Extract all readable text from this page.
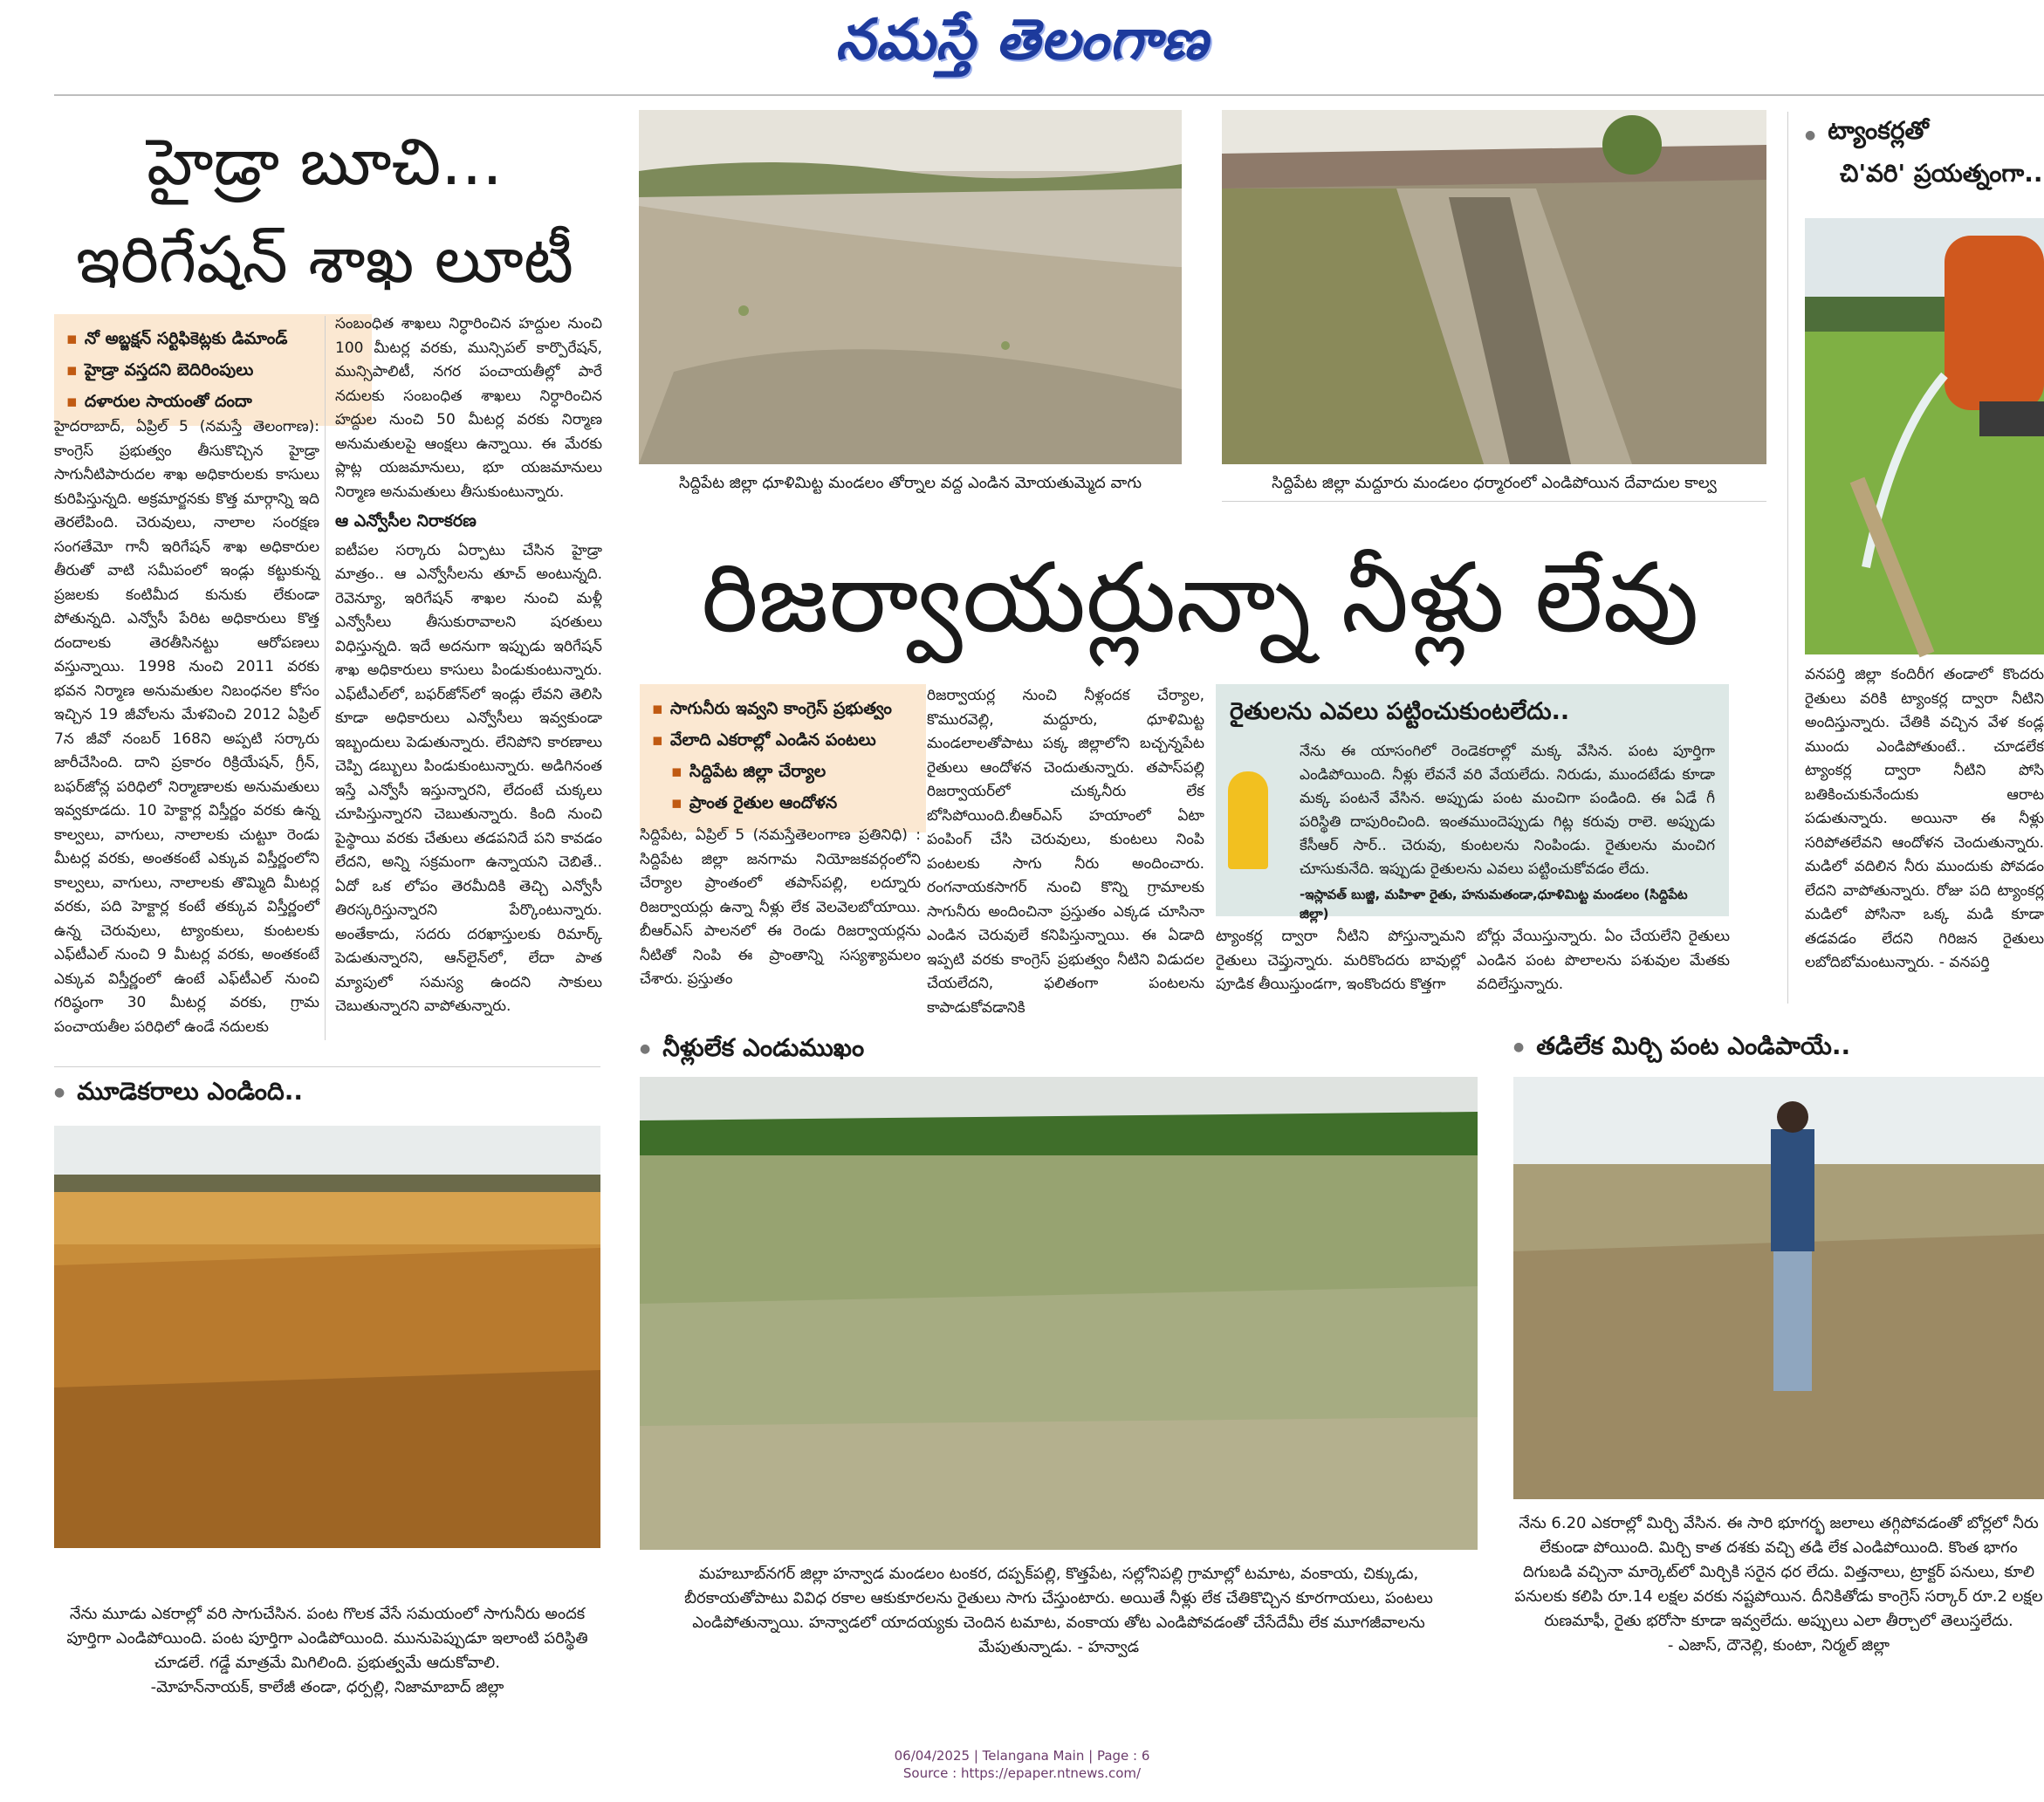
నమస్తే తెలంగాణ
హైడ్రా బూచి...
ఇరిగేషన్ శాఖ లూటీ
▪ నో అబ్జక్షన్ సర్టిఫికెట్లకు డిమాండ్
▪ హైడ్రా వస్తదని బెదిరింపులు
▪ దళారుల సాయంతో దందా
హైదరాబాద్, ఏప్రిల్ 5 (నమస్తే తెలంగాణ): కాంగ్రెస్ ప్రభుత్వం తీసుకొచ్చిన హైడ్రా సాగునీటిపారుదల శాఖ అధికారులకు కాసులు కురిపిస్తున్నది. అక్రమార్జనకు కొత్త మార్గాన్ని ఇది తెరలేపింది. చెరువులు, నాలాల సంరక్షణ సంగతేమో గానీ ఇరిగేషన్ శాఖ అధికారుల తీరుతో వాటి సమీపంలో ఇండ్లు కట్టుకున్న ప్రజలకు కంటిమీద కునుకు లేకుండా పోతున్నది. ఎన్వోసీ పేరిట అధికారులు కొత్త దందాలకు తెరతీసినట్టు ఆరోపణలు వస్తున్నాయి. 1998 నుంచి 2011 వరకు భవన నిర్మాణ అనుమతుల నిబంధనల కోసం ఇచ్చిన 19 జీవోలను మేళవించి 2012 ఏప్రిల్ 7న జీవో నంబర్ 168ని అప్పటి సర్కారు జారీచేసింది. దాని ప్రకారం రిక్రియేషన్, గ్రీన్, బఫర్‌జోన్ల పరిధిలో నిర్మాణాలకు అనుమతులు ఇవ్వకూడదు. 10 హెక్టార్ల విస్తీర్ణం వరకు ఉన్న కాల్వలు, వాగులు, నాలాలకు చుట్టూ రెండు మీటర్ల వరకు, అంతకంటే ఎక్కువ విస్తీర్ణంలోని కాల్వలు, వాగులు, నాలాలకు తొమ్మిది మీటర్ల వరకు, పది హెక్టార్ల కంటే తక్కువ విస్తీర్ణంలో ఉన్న చెరువులు, ట్యాంకులు, కుంటలకు ఎఫ్‌టీఎల్ నుంచి 9 మీటర్ల వరకు, అంతకంటే ఎక్కువ విస్తీర్ణంలో ఉంటే ఎఫ్‌టీఎల్ నుంచి గరిష్ఠంగా 30 మీటర్ల వరకు, గ్రామ పంచాయతీల పరిధిలో ఉండే నదులకు
సంబంధిత శాఖలు నిర్ధారించిన హద్దుల నుంచి 100 మీటర్ల వరకు, మున్సిపల్ కార్పొరేషన్, మున్సిపాలిటీ, నగర పంచాయతీల్లో పారే నదులకు సంబంధిత శాఖలు నిర్ధారించిన హద్దుల నుంచి 50 మీటర్ల వరకు నిర్మాణ అనుమతులపై ఆంక్షలు ఉన్నాయి. ఈ మేరకు ప్లాట్ల యజమానులు, భూ యజమానులు నిర్మాణ అనుమతులు తీసుకుంటున్నారు.
ఆ ఎన్వోసీల నిరాకరణ
ఐటీపల సర్కారు ఏర్పాటు చేసిన హైడ్రా మాత్రం.. ఆ ఎన్వోసీలను తూచ్ అంటున్నది. రెవెన్యూ, ఇరిగేషన్ శాఖల నుంచి మళ్లీ ఎన్వోసీలు తీసుకురావాలని షరతులు విధిస్తున్నది. ఇదే అదనుగా ఇప్పుడు ఇరిగేషన్ శాఖ అధికారులు కాసులు పిండుకుంటున్నారు. ఎఫ్‌టీఎల్‌లో, బఫర్‌జోన్‌లో ఇండ్లు లేవని తెలిసి కూడా అధికారులు ఎన్వోసీలు ఇవ్వకుండా ఇబ్బందులు పెడుతున్నారు. లేనిపోని కారణాలు చెప్పి డబ్బులు పిండుకుంటున్నారు. అడిగినంత ఇస్తే ఎన్వోసీ ఇస్తున్నారని, లేదంటే చుక్కలు చూపిస్తున్నారని చెబుతున్నారు. కింది నుంచి పైస్థాయి వరకు చేతులు తడపనిదే పని కావడం లేదని, అన్ని సక్రమంగా ఉన్నాయని చెబితే.. ఏదో ఒక లోపం తెరమీదికి తెచ్చి ఎన్వోసీ తిరస్కరిస్తున్నారని పేర్కొంటున్నారు. అంతేకాదు, సదరు దరఖాస్తులకు రిమార్క్ పెడుతున్నారని, ఆన్‌లైన్‌లో, లేదా పాత మ్యాపులో సమస్య ఉందని సాకులు చెబుతున్నారని వాపోతున్నారు.
సిద్దిపేట జిల్లా ధూళిమిట్ట మండలం తోర్నాల వద్ద ఎండిన మోయతుమ్మెద వాగు	సిద్దిపేట జిల్లా మద్దూరు మండలం ధర్మారంలో ఎండిపోయిన దేవాదుల కాల్వ
రిజర్వాయర్లున్నా నీళ్లు లేవు
▪ సాగునీరు ఇవ్వని కాంగ్రెస్ ప్రభుత్వం
▪ వేలాది ఎకరాల్లో ఎండిన పంటలు
▪ సిద్దిపేట జిల్లా చేర్యాల
▪ ప్రాంత రైతుల ఆందోళన
సిద్దిపేట, ఏప్రిల్ 5 (నమస్తేతెలంగాణ ప్రతినిధి) : సిద్దిపేట జిల్లా జనగామ నియోజకవర్గంలోని చేర్యాల ప్రాంతంలో తపాస్‌పల్లి, లద్నూరు రిజర్వాయర్లు ఉన్నా నీళ్లు లేక వెలవెలబోయాయి. బీఆర్‌ఎస్ పాలనలో ఈ రెండు రిజర్వాయర్లను నీటితో నింపి ఈ ప్రాంతాన్ని సస్యశ్యామలం చేశారు. ప్రస్తుతం
రిజర్వాయర్ల నుంచి నీళ్లందక చేర్యాల, కొమురవెల్లి, మద్దూరు, ధూళిమిట్ట మండలాలతోపాటు పక్క జిల్లాలోని బచ్చన్నపేట రైతులు ఆందోళన చెందుతున్నారు. తపాస్‌పల్లి రిజర్వాయర్‌లో చుక్కనీరు లేక బోసిపోయింది.బీఆర్‌ఎస్ హయాంలో ఏటా పంపింగ్ చేసి చెరువులు, కుంటలు నింపి పంటలకు సాగు నీరు అందించారు. రంగనాయకసాగర్ నుంచి కొన్ని గ్రామాలకు సాగునీరు అందించినా ప్రస్తుతం ఎక్కడ చూసినా ఎండిన చెరువులే కనిపిస్తున్నాయి. ఈ ఏడాది ఇప్పటి వరకు కాంగ్రెస్ ప్రభుత్వం నీటిని విడుదల చేయలేదని, ఫలితంగా పంటలను కాపాడుకోవడానికి
ట్యాంకర్ల ద్వారా నీటిని పోస్తున్నామని రైతులు చెప్తున్నారు. మరికొందరు బావుల్లో పూడిక తీయిస్తుండగా, ఇంకొందరు కొత్తగా
బోర్లు వేయిస్తున్నారు. ఏం చేయలేని రైతులు ఎండిన పంట పొలాలను పశువుల మేతకు వదిలేస్తున్నారు.
రైతులను ఎవలు పట్టించుకుంటలేదు..
నేను ఈ యాసంగిలో రెండెకరాల్లో మక్క వేసిన. పంట పూర్తిగా ఎండిపోయింది. నీళ్లు లేవనే వరి వేయలేదు. నిరుడు, ముందటేడు కూడా మక్క పంటనే వేసిన. అప్పుడు పంట మంచిగా పండింది. ఈ ఏడే గీ పరిస్థితి దాపురించింది. ఇంతముందెప్పుడు గిట్ల కరువు రాలె. అప్పుడు కేసీఆర్ సార్.. చెరువు, కుంటలను నింపిండు. రైతులను మంచిగ చూసుకునేది. ఇప్పుడు రైతులను ఎవలు పట్టించుకోవడం లేదు.
-ఇస్లావత్ బుజ్జి, మహిళా రైతు, హనుమతండా,ధూళిమిట్ట మండలం (సిద్దిపేట జిల్లా)
● ట్యాంకర్లతో
చి'వరి' ప్రయత్నంగా..
వనపర్తి జిల్లా కందిరీగ తండాలో కొందరు రైతులు వరికి ట్యాంకర్ల ద్వారా నీటిని అందిస్తున్నారు. చేతికి వచ్చిన వేళ కండ్ల ముందు ఎండిపోతుంటే.. చూడలేక ట్యాంకర్ల ద్వారా నీటిని పోసి బతికించుకునేందుకు ఆరాట పడుతున్నారు. అయినా ఈ నీళ్లు సరిపోతలేవని ఆందోళన చెందుతున్నారు. మడిలో వదిలిన నీరు ముందుకు పోవడం లేదని వాపోతున్నారు. రోజు పది ట్యాంకర్ల మడిలో పోసినా ఒక్క మడి కూడా తడవడం లేదని గిరిజన రైతులు లబోదిబోమంటున్నారు. - వనపర్తి
● మూడెకరాలు ఎండింది..
నేను మూడు ఎకరాల్లో వరి సాగుచేసిన. పంట గొలక వేసే సమయంలో సాగునీరు అందక పూర్తిగా ఎండిపోయింది. పంట పూర్తిగా ఎండిపోయింది. మునుపెప్పుడూ ఇలాంటి పరిస్థితి చూడలే. గడ్డే మాత్రమే మిగిలింది. ప్రభుత్వమే ఆదుకోవాలి.
-మోహన్‌నాయక్, కాలేజీ తండా, ధర్పల్లి, నిజామాబాద్ జిల్లా
● నీళ్లులేక ఎండుముఖం
మహబూబ్‌నగర్ జిల్లా హన్వాడ మండలం టంకర, దప్పక్‌పల్లి, కొత్తపేట, సల్లోనిపల్లి గ్రామాల్లో టమాట, వంకాయ, చిక్కుడు, బీరకాయతోపాటు వివిధ రకాల ఆకుకూరలను రైతులు సాగు చేస్తుంటారు. అయితే నీళ్లు లేక చేతికొచ్చిన కూరగాయలు, పంటలు ఎండిపోతున్నాయి. హన్వాడలో యాదయ్యకు చెందిన టమాట, వంకాయ తోట ఎండిపోవడంతో చేసేదేమీ లేక మూగజీవాలను మేపుతున్నాడు. - హన్వాడ
● తడిలేక మిర్చి పంట ఎండిపాయే..
నేను 6.20 ఎకరాల్లో మిర్చి వేసిన. ఈ సారి భూగర్భ జలాలు తగ్గిపోవడంతో బోర్లలో నీరు లేకుండా పోయింది. మిర్చి కాత దశకు వచ్చి తడి లేక ఎండిపోయింది. కొంత భాగం దిగుబడి వచ్చినా మార్కెట్‌లో మిర్చికి సరైన ధర లేదు. విత్తనాలు, ట్రాక్టర్ పనులు, కూలి పనులకు కలిపి రూ.14 లక్షల వరకు నష్టపోయిన. దీనికితోడు కాంగ్రెస్ సర్కార్ రూ.2 లక్షల రుణమాఫీ, రైతు భరోసా కూడా ఇవ్వలేదు. అప్పులు ఎలా తీర్చాలో తెలుస్తలేదు.
- ఎజాస్, దౌనెల్లి, కుంటా, నిర్మల్ జిల్లా
06/04/2025 | Telangana Main | Page : 6
Source : https://epaper.ntnews.com/
